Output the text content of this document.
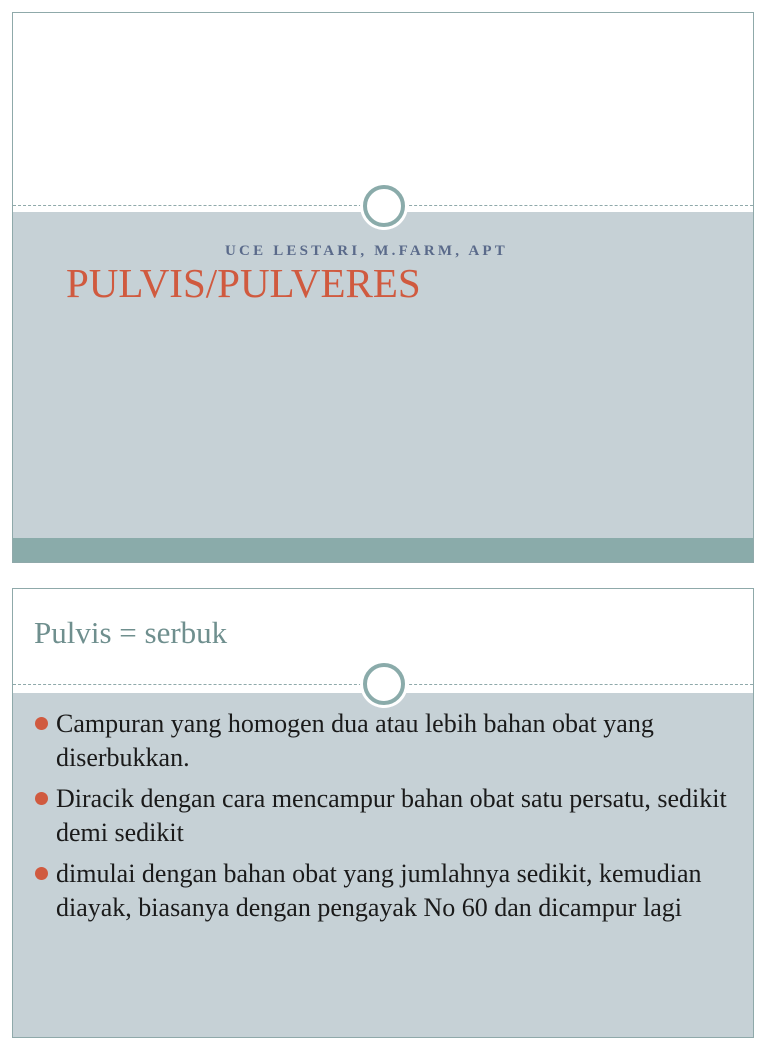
UCE LESTARI, M.FARM, APT
PULVIS/PULVERES
Pulvis = serbuk
Campuran yang homogen dua atau lebih bahan obat yang diserbukkan.
Diracik dengan cara mencampur bahan obat satu persatu, sedikit demi sedikit
dimulai dengan bahan obat yang jumlahnya sedikit, kemudian diayak, biasanya dengan pengayak No 60 dan dicampur lagi
